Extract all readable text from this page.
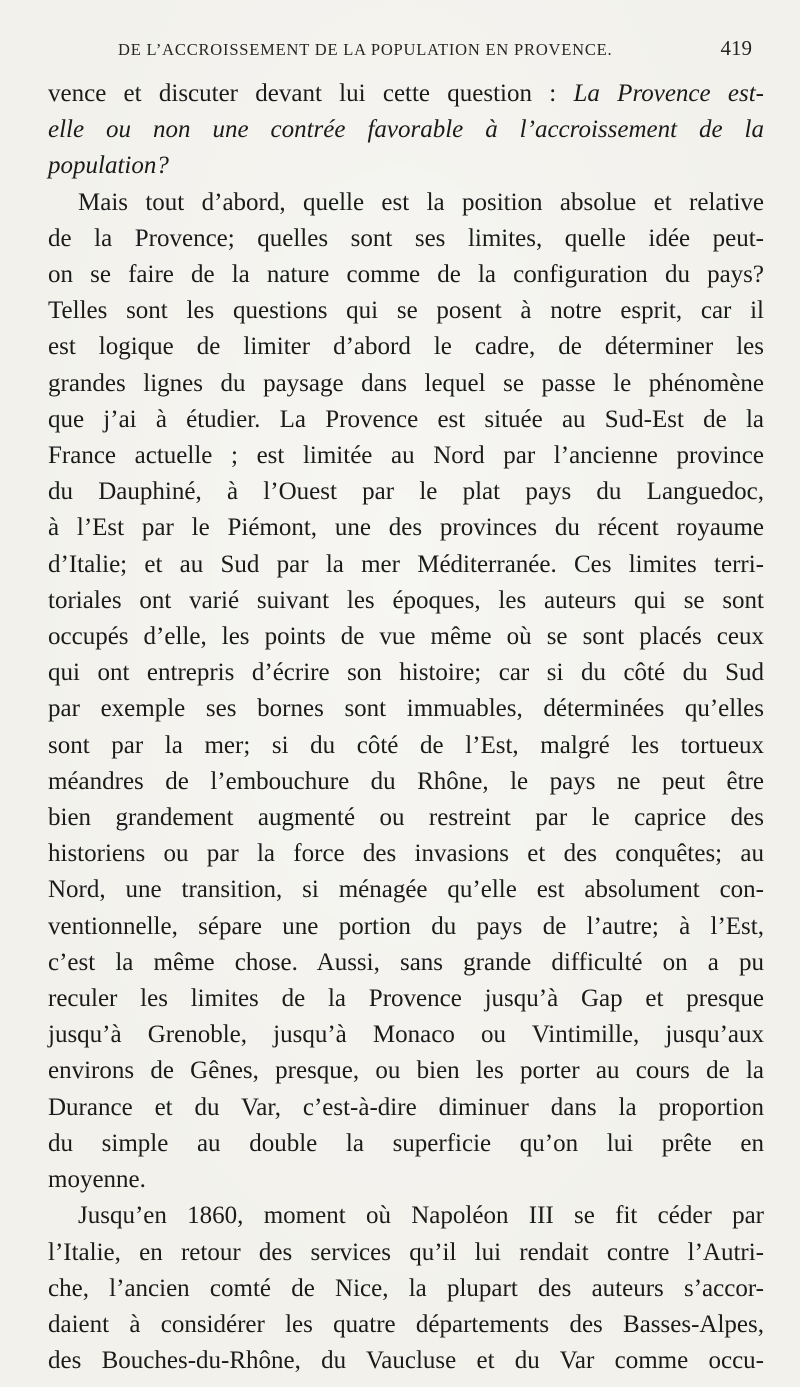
DE L’ACCROISSEMENT DE LA POPULATION EN PROVENCE.	419
vence et discuter devant lui cette question : La Provence est-
elle ou non une contrée favorable à l’accroissement de la
population?
Mais tout d’abord, quelle est la position absolue et relative
de la Provence; quelles sont ses limites, quelle idée peut-
on se faire de la nature comme de la configuration du pays?
Telles sont les questions qui se posent à notre esprit, car il
est logique de limiter d’abord le cadre, de déterminer les
grandes lignes du paysage dans lequel se passe le phénomène
que j’ai à étudier. La Provence est située au Sud-Est de la
France actuelle ; est limitée au Nord par l’ancienne province
du Dauphiné, à l’Ouest par le plat pays du Languedoc,
à l’Est par le Piémont, une des provinces du récent royaume
d’Italie; et au Sud par la mer Méditerranée. Ces limites terri-
toriales ont varié suivant les époques, les auteurs qui se sont
occupés d’elle, les points de vue même où se sont placés ceux
qui ont entrepris d’écrire son histoire; car si du côté du Sud
par exemple ses bornes sont immuables, déterminées qu’elles
sont par la mer; si du côté de l’Est, malgré les tortueux
méandres de l’embouchure du Rhône, le pays ne peut être
bien grandement augmenté ou restreint par le caprice des
historiens ou par la force des invasions et des conquêtes; au
Nord, une transition, si ménagée qu’elle est absolument con-
ventionnelle, sépare une portion du pays de l’autre; à l’Est,
c’est la même chose. Aussi, sans grande difficulté on a pu
reculer les limites de la Provence jusqu’à Gap et presque
jusqu’à Grenoble, jusqu’à Monaco ou Vintimille, jusqu’aux
environs de Gênes, presque, ou bien les porter au cours de la
Durance et du Var, c’est-à-dire diminuer dans la proportion
du simple au double la superficie qu’on lui prête en
moyenne.
Jusqu’en 1860, moment où Napoléon III se fit céder par
l’Italie, en retour des services qu’il lui rendait contre l’Autri-
che, l’ancien comté de Nice, la plupart des auteurs s’accor-
daient à considérer les quatre départements des Basses-Alpes,
des Bouches-du-Rhône, du Vaucluse et du Var comme occu-
